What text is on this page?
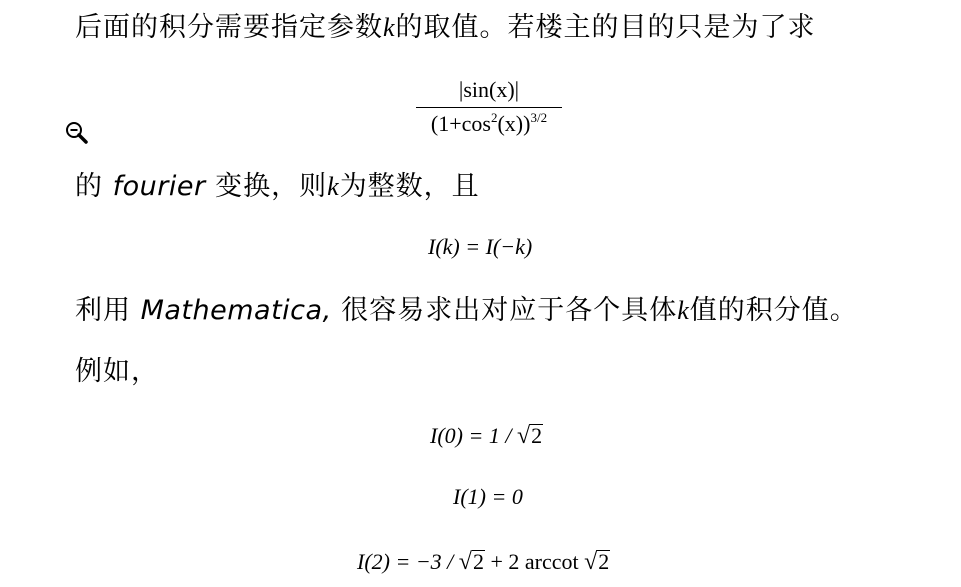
后面的积分需要指定参数k的取值。若楼主的目的只是为了求
|sin(x)|
$(1+\cos^2(x))^{3/2}$
的 fourier 变换，则k为整数，且
I(k) = I(−k)
利用 Mathematica, 很容易求出对应于各个具体k值的积分值。
例如，
I(0) = 1 / √2
I(1) = 0
I(2) = −3 / √2 + 2 arccot √2
